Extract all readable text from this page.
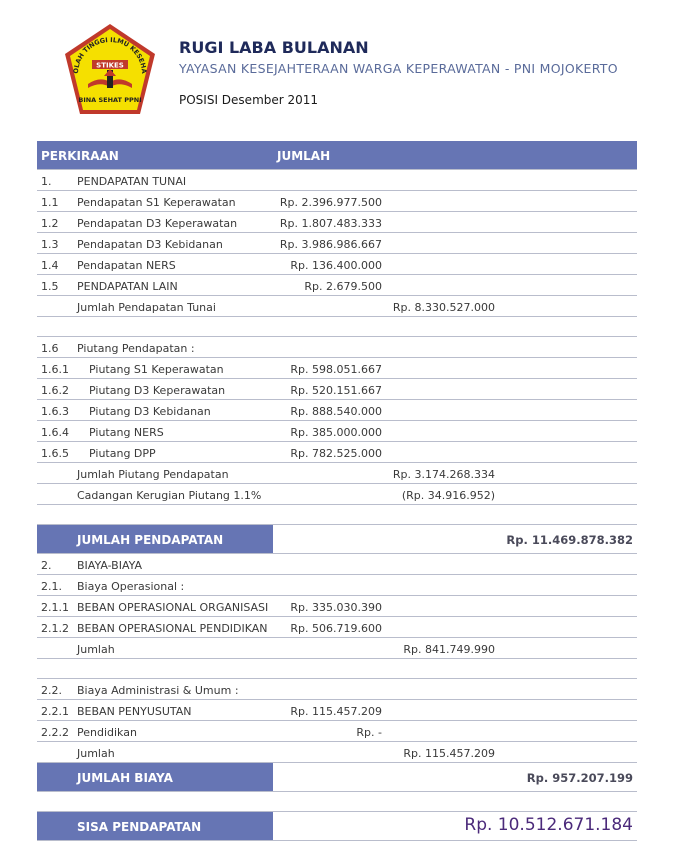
OLAH TINGGI ILMU KESEHA
STIKES
BINA SEHAT PPNI
RUGI LABA BULANAN
YAYASAN KESEJAHTERAAN WARGA KEPERAWATAN - PNI MOJOKERTO
POSISI Desember 2011
PERKIRAAN	JUMLAH
1. PENDAPATAN TUNAI
1.1 Pendapatan S1 Keperawatan	Rp. 2.396.977.500
1.2 Pendapatan D3 Keperawatan	Rp. 1.807.483.333
1.3 Pendapatan D3 Kebidanan	Rp. 3.986.986.667
1.4 Pendapatan NERS	Rp. 136.400.000
1.5 PENDAPATAN LAIN	Rp. 2.679.500
Jumlah Pendapatan Tunai	Rp. 8.330.527.000
1.6 Piutang Pendapatan :
1.6.1 Piutang S1 Keperawatan	Rp. 598.051.667
1.6.2 Piutang D3 Keperawatan	Rp. 520.151.667
1.6.3 Piutang D3 Kebidanan	Rp. 888.540.000
1.6.4 Piutang NERS	Rp. 385.000.000
1.6.5 Piutang DPP	Rp. 782.525.000
Jumlah Piutang Pendapatan	Rp. 3.174.268.334
Cadangan Kerugian Piutang 1.1%	(Rp. 34.916.952)
JUMLAH PENDAPATAN	Rp. 11.469.878.382
2. BIAYA-BIAYA
2.1. Biaya Operasional :
2.1.1 BEBAN OPERASIONAL ORGANISASI Rp. 335.030.390
2.1.2 BEBAN OPERASIONAL PENDIDIKAN Rp. 506.719.600
Jumlah	Rp. 841.749.990
2.2. Biaya Administrasi & Umum :
2.2.1 BEBAN PENYUSUTAN	Rp. 115.457.209
2.2.2 Pendidikan	Rp. -
Jumlah	Rp. 115.457.209
JUMLAH BIAYA	Rp. 957.207.199
SISA PENDAPATAN	Rp. 10.512.671.184
